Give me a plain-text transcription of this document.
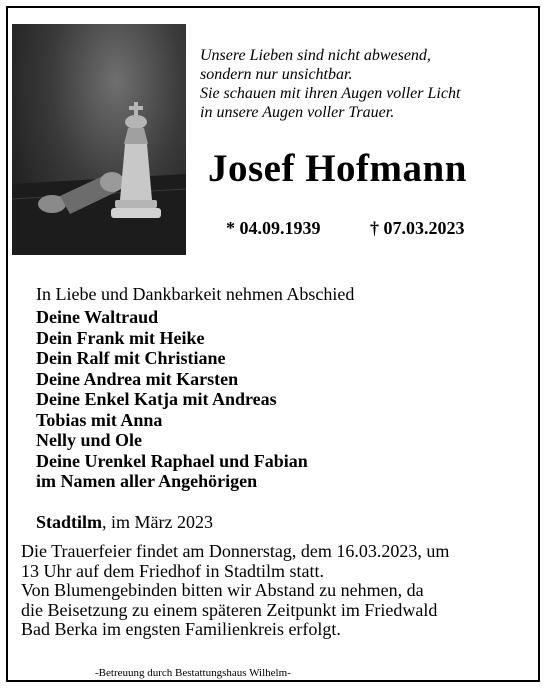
Unsere Lieben sind nicht abwesend,
sondern nur unsichtbar.
Sie schauen mit ihren Augen voller Licht
in unsere Augen voller Trauer.
Josef Hofmann
* 04.09.1939	† 07.03.2023
In Liebe und Dankbarkeit nehmen Abschied
Deine Waltraud
Dein Frank mit Heike
Dein Ralf mit Christiane
Deine Andrea mit Karsten
Deine Enkel Katja mit Andreas
Tobias mit Anna
Nelly und Ole
Deine Urenkel Raphael und Fabian
im Namen aller Angehörigen
Stadtilm, im März 2023
Die Trauerfeier findet am Donnerstag, dem 16.03.2023, um
13 Uhr auf dem Friedhof in Stadtilm statt.
Von Blumengebinden bitten wir Abstand zu nehmen, da
die Beisetzung zu einem späteren Zeitpunkt im Friedwald
Bad Berka im engsten Familienkreis erfolgt.
-Betreuung durch Bestattungshaus Wilhelm-
